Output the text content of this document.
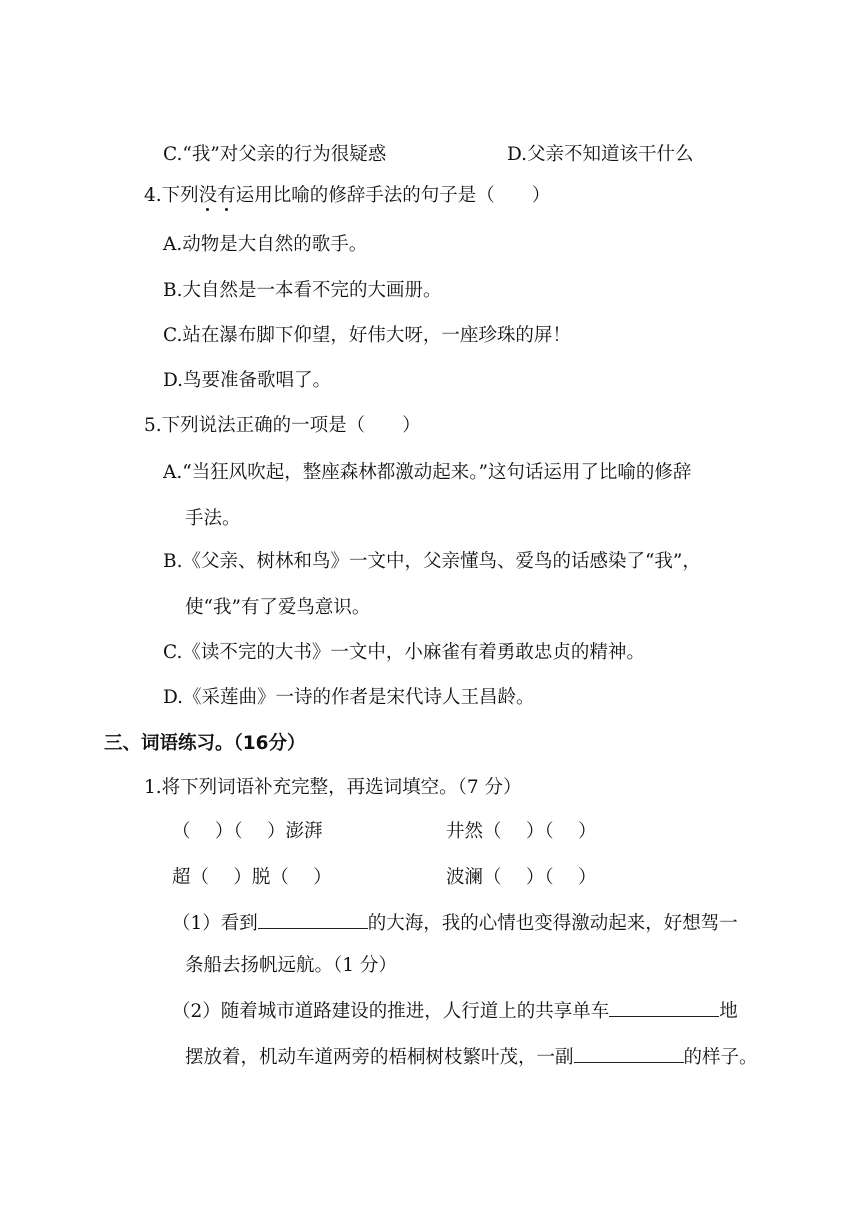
C.“我”对父亲的行为很疑惑	D.父亲不知道该干什么
4.下列没
有
运用比喻的修辞手法的句子是（　　）
A.动物是大自然的歌手。
B.大自然是一本看不完的大画册。
C.站在瀑布脚下仰望，好伟大呀，一座珍珠的屏！
D.鸟要准备歌唱了。
5.下列说法正确的一项是（　　）
A.“当狂风吹起，整座森林都激动起来。”这句话运用了比喻的修辞
手法。
B.《父亲、树林和鸟》一文中，父亲懂鸟、爱鸟的话感染了“我”，
使“我”有了爱鸟意识。
C.《读不完的大书》一文中，小麻雀有着勇敢忠贞的精神。
D.《采莲曲》一诗的作者是宋代诗人王昌龄。
三、词语练习。（16分）
1.将下列词语补充完整，再选词填空。（7 分）
（　 ）（　 ）澎湃	井然（　 ）（　 ）
超（　 ）脱（　 ）	波澜（　 ）（　 ）
（1）看到	的大海，我的心情也变得激动起来，好想驾一
条船去扬帆远航。（1 分）
（2）随着城市道路建设的推进，人行道上的共享单车	地
摆放着，机动车道两旁的梧桐树枝繁叶茂，一副	的样子。
